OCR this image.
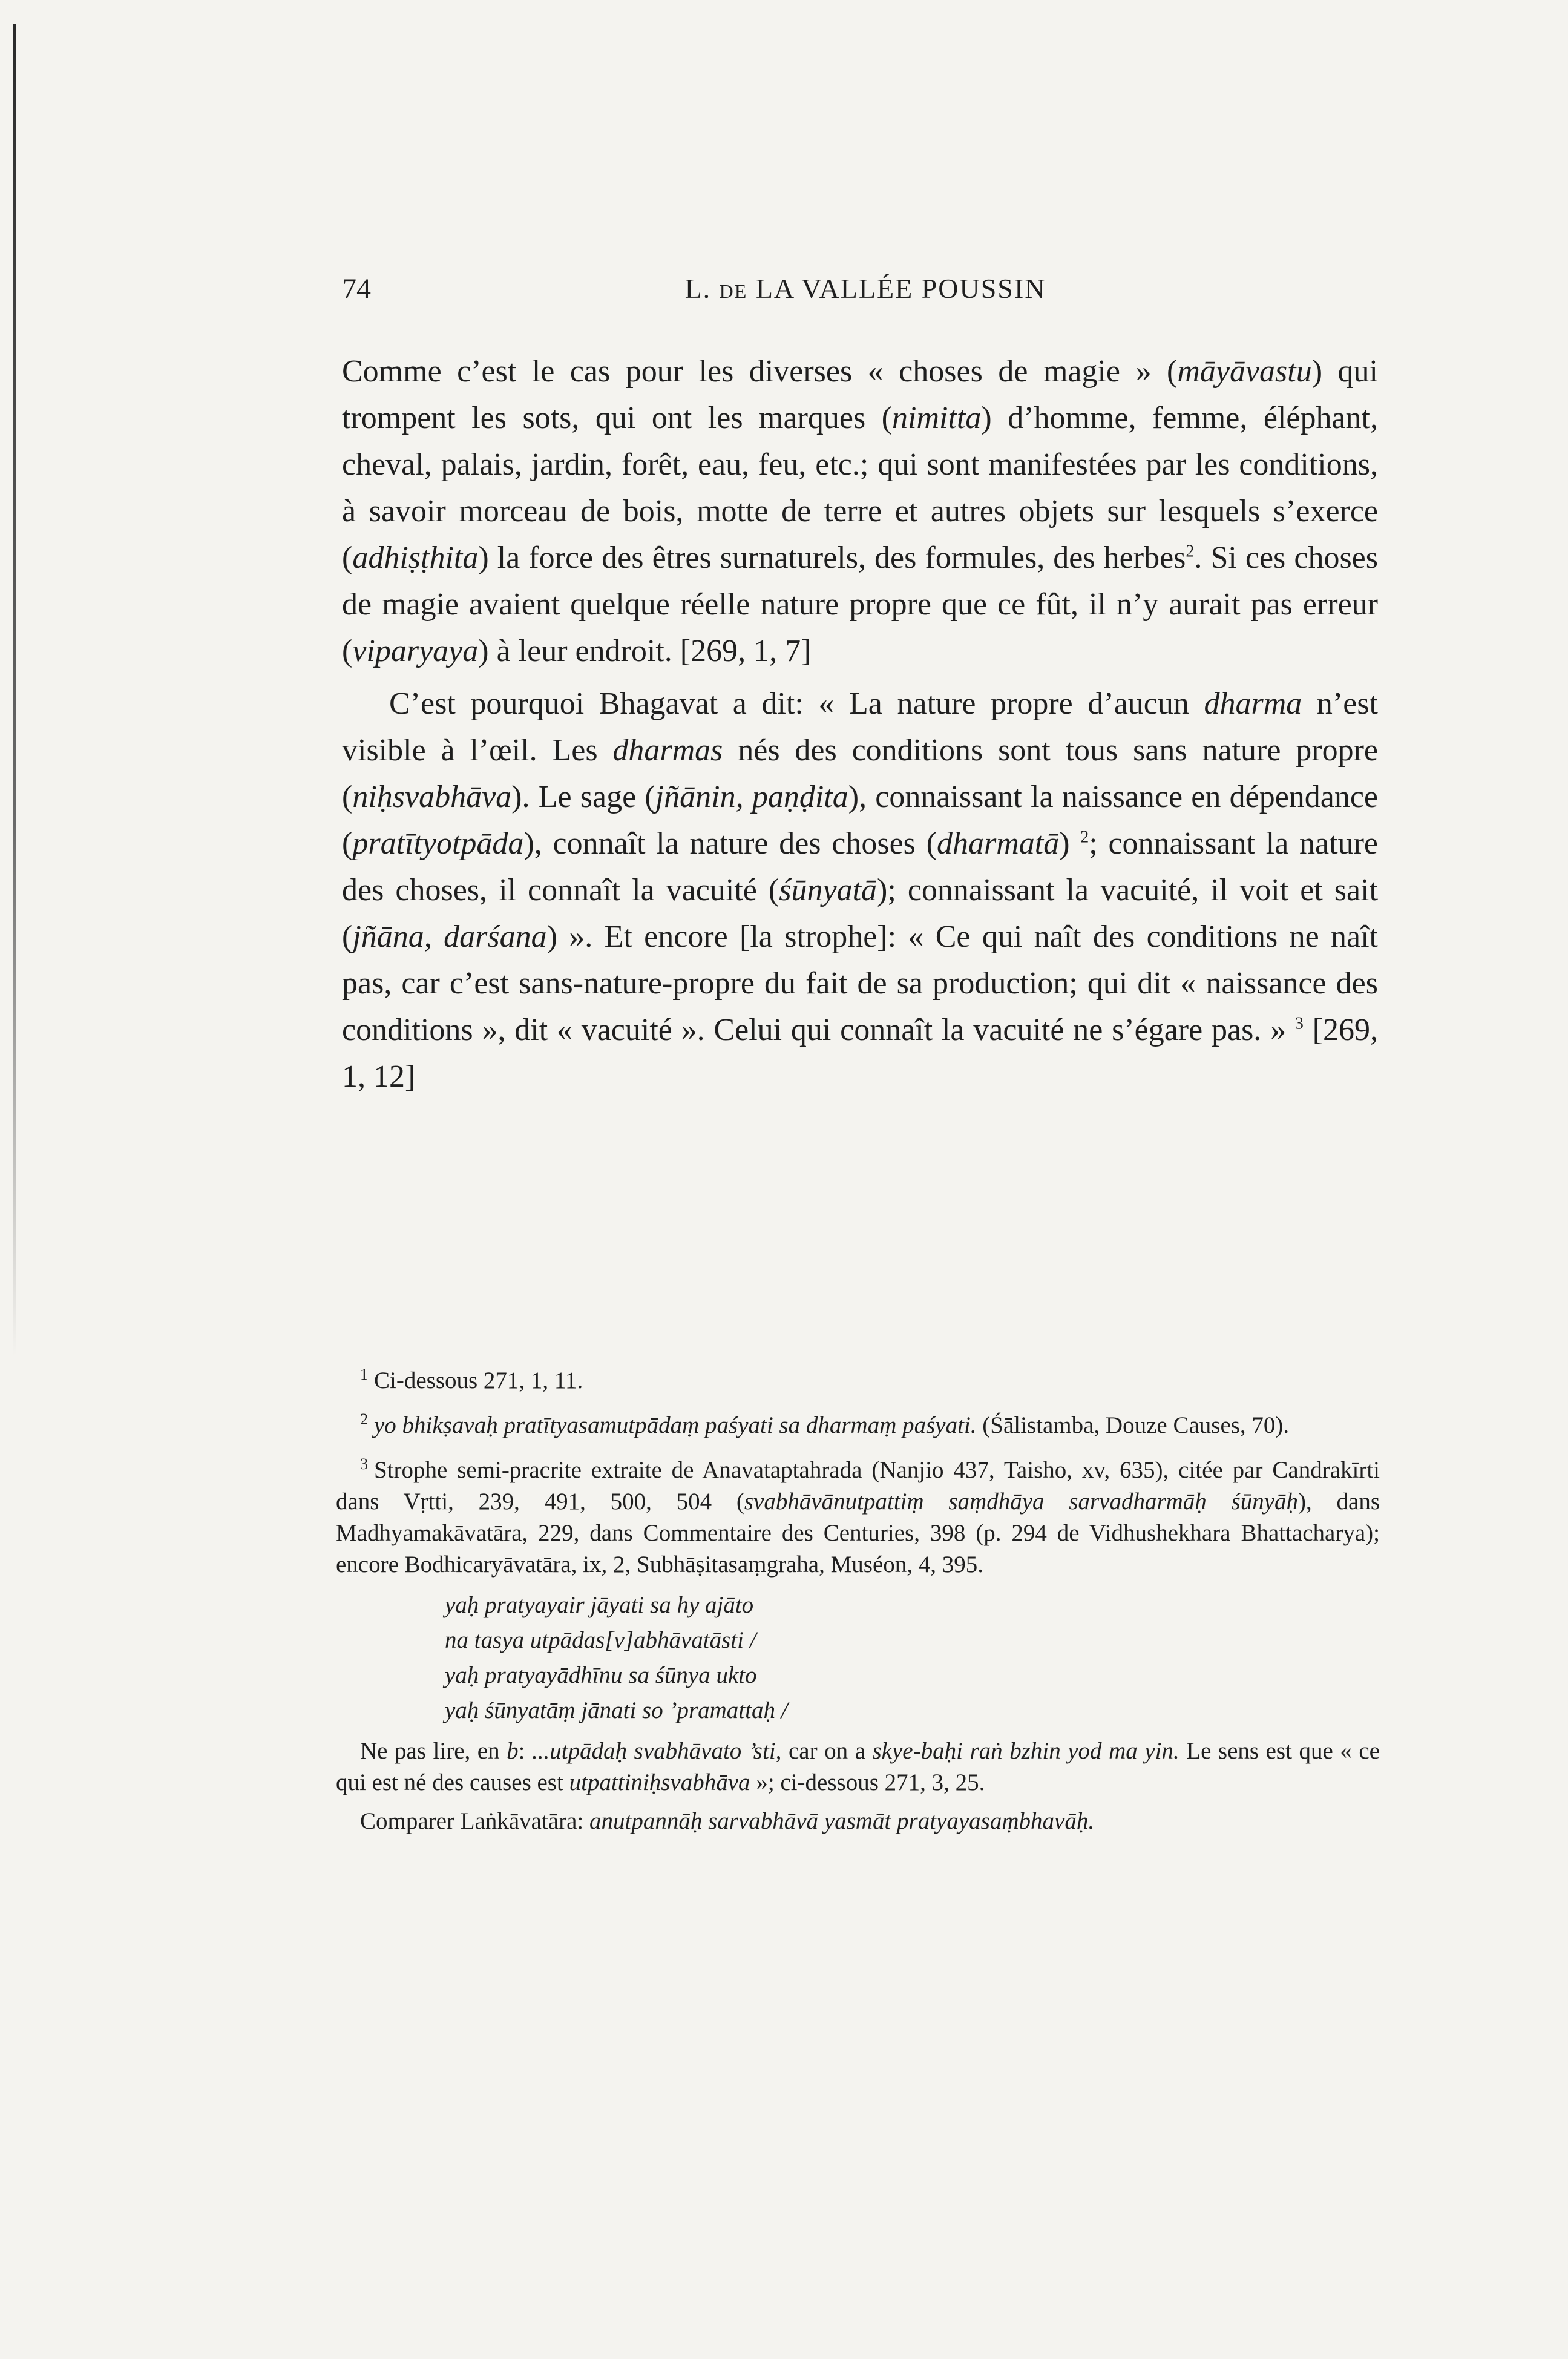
74	L. de LA VALLÉE POUSSIN

Comme c’est le cas pour les diverses « choses de magie » (māyāvastu) qui trompent les sots, qui ont les marques (nimitta) d’homme, femme, éléphant, cheval, palais, jardin, forêt, eau, feu, etc.; qui sont manifestées par les conditions, à savoir morceau de bois, motte de terre et autres objets sur lesquels s’exerce (adhiṣṭhita) la force des êtres surnaturels, des formules, des herbes$^2$. Si ces choses de magie avaient quelque réelle nature propre que ce fût, il n’y aurait pas erreur (viparyaya) à leur endroit. [269, 1, 7]

C’est pourquoi Bhagavat a dit: « La nature propre d’aucun dharma n’est visible à l’œil. Les dharmas nés des conditions sont tous sans nature propre (niḥsvabhāva). Le sage (jñānin, paṇḍita), connaissant la naissance en dépendance (pratītyotpāda), connaît la nature des choses (dharmatā) $^2$; connaissant la nature des choses, il connaît la vacuité (śūnyatā); connaissant la vacuité, il voit et sait (jñāna, darśana) ». Et encore [la strophe]: « Ce qui naît des conditions ne naît pas, car c’est sans-nature-propre du fait de sa production; qui dit « naissance des conditions », dit « vacuité ». Celui qui connaît la vacuité ne s’égare pas. » $^3$ [269, 1, 12]

$^1$ Ci-dessous 271, 1, 11.

$^2$ yo bhikṣavaḥ pratītyasamutpādaṃ paśyati sa dharmaṃ paśyati. (Śālistamba, Douze Causes, 70).

$^3$ Strophe semi-pracrite extraite de Anavataptahrada (Nanjio 437, Taisho, xv, 635), citée par Candrakīrti dans Vṛtti, 239, 491, 500, 504 (svabhāvānutpattiṃ saṃdhāya sarvadharmāḥ śūnyāḥ), dans Madhyamakāvatāra, 229, dans Commentaire des Centuries, 398 (p. 294 de Vidhushekhara Bhattacharya); encore Bodhicaryāvatāra, ix, 2, Subhāṣitasaṃgraha, Muséon, 4, 395.

yaḥ pratyayair jāyati sa hy ajāto
na tasya utpādas[v]abhāvatāsti /
yaḥ pratyayādhīnu sa śūnya ukto
yaḥ śūnyatāṃ jānati so ’pramattaḥ /

Ne pas lire, en b: ...utpādaḥ svabhāvato ’sti, car on a skye-baḥi raṅ bzhin yod ma yin. Le sens est que « ce qui est né des causes est utpattiniḥsvabhāva »; ci-dessous 271, 3, 25.

Comparer Laṅkāvatāra: anutpannāḥ sarvabhāvā yasmāt pratyayasaṃbhavāḥ.
